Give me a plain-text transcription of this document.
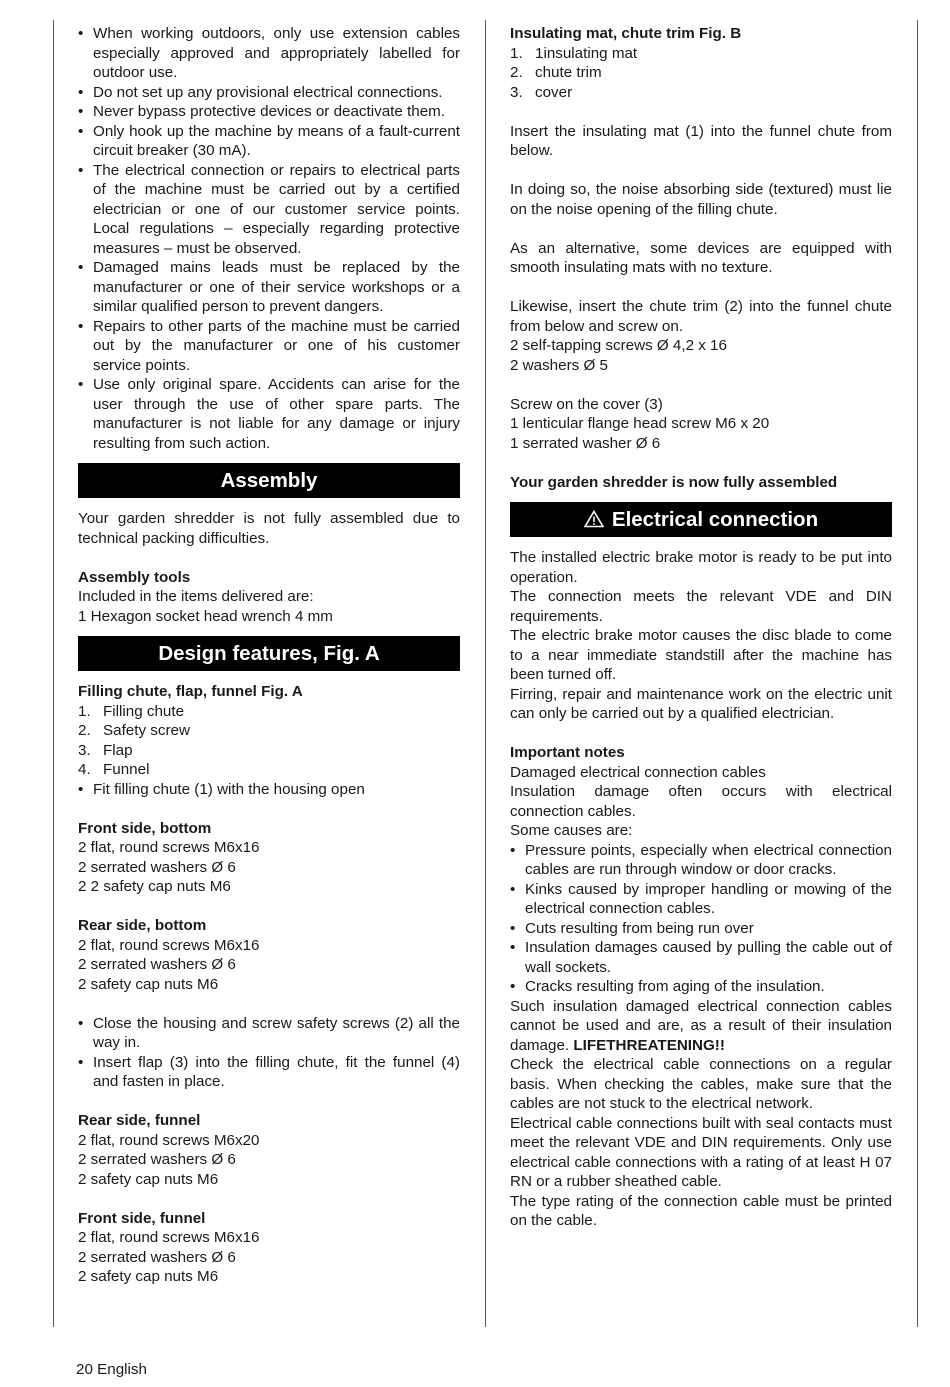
• When working outdoors, only use extension cables especially approved and appropriately labelled for outdoor use.
• Do not set up any provisional electrical connections.
• Never bypass protective devices or deactivate them.
• Only hook up the machine by means of a fault-current circuit breaker (30 mA).
• The electrical connection or repairs to electrical parts of the machine must be carried out by a certified electrician or one of our customer service points. Local regulations – especially regarding protective measures – must be observed.
• Damaged mains leads must be replaced by the manufacturer or one of their service workshops or a similar qualified person to prevent dangers.
• Repairs to other parts of the machine must be carried out by the manufacturer or one of his customer service points.
• Use only original spare. Accidents can arise for the user through the use of other spare parts. The manufacturer is not liable for any damage or injury resulting from such action.
Assembly

Your garden shredder is not fully assembled due to technical packing difficulties.

Assembly tools

Included in the items delivered are:

1 Hexagon socket head wrench 4 mm

Design features, Fig. A

Filling chute, flap, funnel Fig. A

1. Filling chute
2. Safety screw
3. Flap
4. Funnel
• Fit filling chute (1) with the housing open

Front side, bottom

2 flat, round screws M6x16

2 serrated washers Ø 6

2 2 safety cap nuts M6

Rear side, bottom

2 flat, round screws M6x16

2 serrated washers Ø 6

2 safety cap nuts M6

• Close the housing and screw safety screws (2) all the way in.
• Insert flap (3) into the filling chute, fit the funnel (4) and fasten in place.

Rear side, funnel

2 flat, round screws M6x20

2 serrated washers Ø 6

2 safety cap nuts M6

Front side, funnel

2 flat, round screws M6x16

2 serrated washers Ø 6

2 safety cap nuts M6

Insulating mat, chute trim Fig. B

1. 1insulating mat
2. chute trim
3. cover

Insert the insulating mat (1) into the funnel chute from below.

In doing so, the noise absorbing side (textured) must lie on the noise opening of the filling chute.

As an alternative, some devices are equipped with smooth insulating mats with no texture.

Likewise, insert the chute trim (2) into the funnel chute from below and screw on.

2 self-tapping screws Ø 4,2 x 16

2 washers Ø 5

Screw on the cover (3)

1 lenticular flange head screw M6 x 20

1 serrated washer Ø 6

Your garden shredder is now fully assembled

Electrical connection

The installed electric brake motor is ready to be put into operation.

The connection meets the relevant VDE and DIN requirements.

The electric brake motor causes the disc blade to come to a near immediate standstill after the machine has been turned off.

Firring, repair and maintenance work on the electric unit can only be carried out by a qualified electrician.

Important notes

Damaged electrical connection cables

Insulation damage often occurs with electrical connection cables.

Some causes are:

• Pressure points, especially when electrical connection cables are run through window or door cracks.
• Kinks caused by improper handling or mowing of the electrical connection cables.
• Cuts resulting from being run over
• Insulation damages caused by pulling the cable out of wall sockets.
• Cracks resulting from aging of the insulation.

Such insulation damaged electrical connection cables cannot be used and are, as a result of their insulation damage. LIFETHREATENING!!

Check the electrical cable connections on a regular basis. When checking the cables, make sure that the cables are not stuck to the electrical network.

Electrical cable connections built with seal contacts must meet the relevant VDE and DIN requirements. Only use electrical cable connections with a rating of at least H 07 RN or a rubber sheathed cable.

The type rating of the connection cable must be printed on the cable.

20 English
